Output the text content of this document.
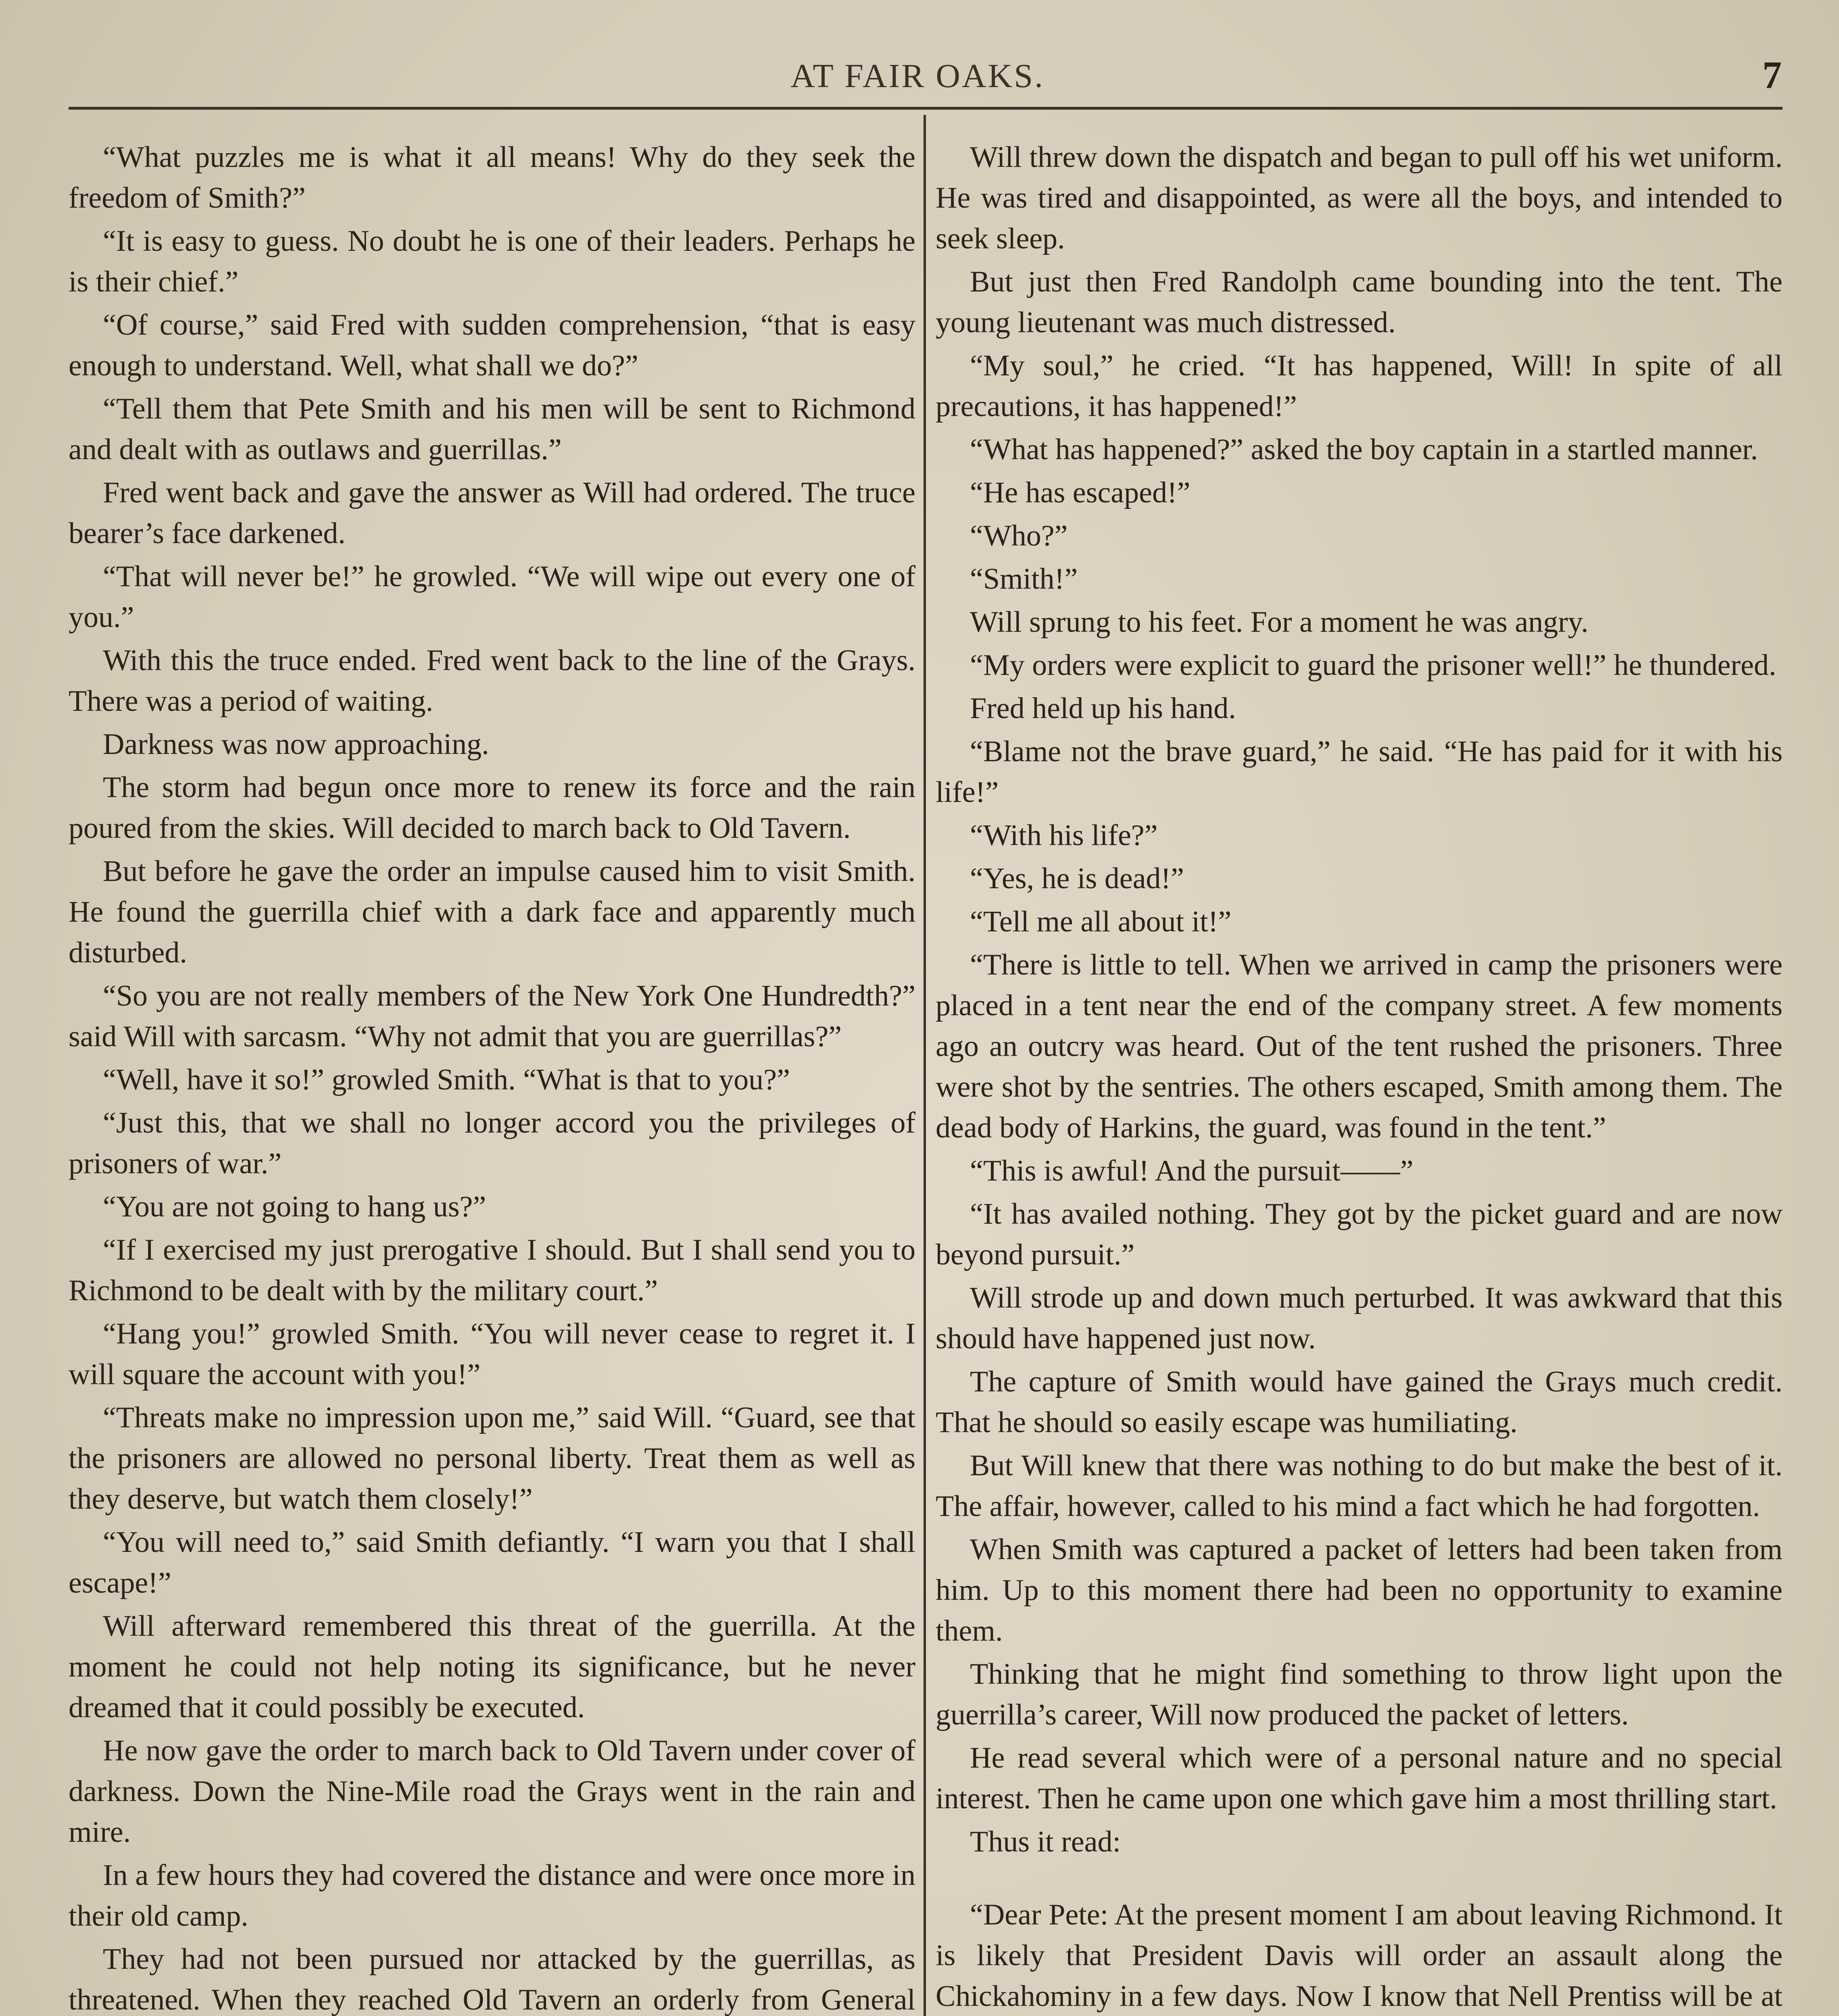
AT FAIR OAKS.	7

“What puzzles me is what it all means! Why do they seek the freedom of Smith?”

“It is easy to guess. No doubt he is one of their leaders. Perhaps he is their chief.”

“Of course,” said Fred with sudden comprehension, “that is easy enough to understand. Well, what shall we do?”

“Tell them that Pete Smith and his men will be sent to Richmond and dealt with as outlaws and guerrillas.”

Fred went back and gave the answer as Will had ordered. The truce bearer’s face darkened.

“That will never be!” he growled. “We will wipe out every one of you.”

With this the truce ended. Fred went back to the line of the Grays. There was a period of waiting.

Darkness was now approaching.

The storm had begun once more to renew its force and the rain poured from the skies. Will decided to march back to Old Tavern.

But before he gave the order an impulse caused him to visit Smith. He found the guerrilla chief with a dark face and apparently much disturbed.

“So you are not really members of the New York One Hundredth?” said Will with sarcasm. “Why not admit that you are guerrillas?”

“Well, have it so!” growled Smith. “What is that to you?”

“Just this, that we shall no longer accord you the privileges of prisoners of war.”

“You are not going to hang us?”

“If I exercised my just prerogative I should. But I shall send you to Richmond to be dealt with by the military court.”

“Hang you!” growled Smith. “You will never cease to regret it. I will square the account with you!”

“Threats make no impression upon me,” said Will. “Guard, see that the prisoners are allowed no personal liberty. Treat them as well as they deserve, but watch them closely!”

“You will need to,” said Smith defiantly. “I warn you that I shall escape!”

Will afterward remembered this threat of the guerrilla. At the moment he could not help noting its significance, but he never dreamed that it could possibly be executed.

He now gave the order to march back to Old Tavern under cover of darkness. Down the Nine-Mile road the Grays went in the rain and mire.

In a few hours they had covered the distance and were once more in their old camp.

They had not been pursued nor attacked by the guerrillas, as threatened. When they reached Old Tavern an orderly from General

Will threw down the dispatch and began to pull off his wet uniform. He was tired and disappointed, as were all the boys, and intended to seek sleep.

But just then Fred Randolph came bounding into the tent. The young lieutenant was much distressed.

“My soul,” he cried. “It has happened, Will! In spite of all precautions, it has happened!”

“What has happened?” asked the boy captain in a startled manner.

“He has escaped!”

“Who?”

“Smith!”

Will sprung to his feet. For a moment he was angry.

“My orders were explicit to guard the prisoner well!” he thundered.

Fred held up his hand.

“Blame not the brave guard,” he said. “He has paid for it with his life!”

“With his life?”

“Yes, he is dead!”

“Tell me all about it!”

“There is little to tell. When we arrived in camp the prisoners were placed in a tent near the end of the company street. A few moments ago an outcry was heard. Out of the tent rushed the prisoners. Three were shot by the sentries. The others escaped, Smith among them. The dead body of Harkins, the guard, was found in the tent.”

“This is awful! And the pursuit——”

“It has availed nothing. They got by the picket guard and are now beyond pursuit.”

Will strode up and down much perturbed. It was awkward that this should have happened just now.

The capture of Smith would have gained the Grays much credit. That he should so easily escape was humiliating.

But Will knew that there was nothing to do but make the best of it. The affair, however, called to his mind a fact which he had forgotten.

When Smith was captured a packet of letters had been taken from him. Up to this moment there had been no opportunity to examine them.

Thinking that he might find something to throw light upon the guerrilla’s career, Will now produced the packet of letters.

He read several which were of a personal nature and no special interest. Then he came upon one which gave him a most thrilling start.

Thus it read:

“Dear Pete: At the present moment I am about leaving Richmond. It is likely that President Davis will order an assault along the Chickahominy in a few days. Now I know that Nell Prentiss will be at
